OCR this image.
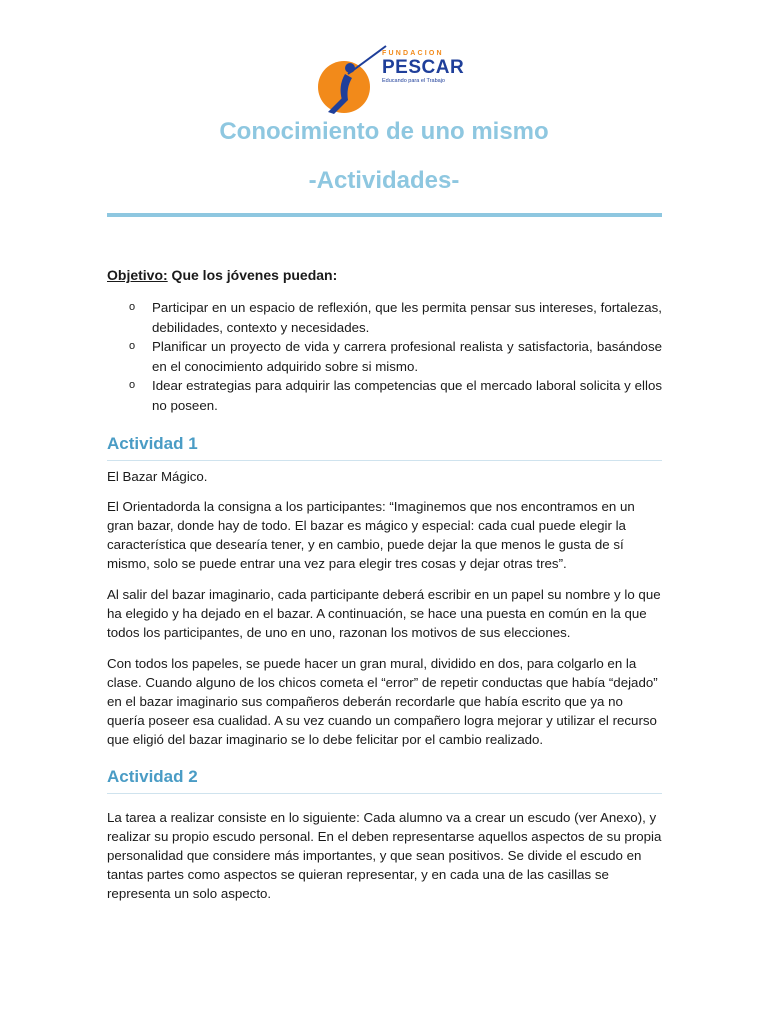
FUNDACION
PESCAR
Educando para el Trabajo
Conocimiento de uno mismo
-Actividades-
Objetivo: Que los jóvenes puedan:
o Participar en un espacio de reflexión, que les permita pensar sus intereses, fortalezas, debilidades, contexto y necesidades.
o Planificar un proyecto de vida y carrera profesional realista y satisfactoria, basándose en el conocimiento adquirido sobre si mismo.
o Idear estrategias para adquirir las competencias que el mercado laboral solicita y ellos no poseen.
Actividad 1

El Bazar Mágico.

El Orientadorda la consigna a los participantes: “Imaginemos que nos encontramos en un gran bazar, donde hay de todo. El bazar es mágico y especial: cada cual puede elegir la característica que desearía tener, y en cambio, puede dejar la que menos le gusta de sí mismo, solo se puede entrar una vez para elegir tres cosas y dejar otras tres”.

Al salir del bazar imaginario, cada participante deberá escribir en un papel su nombre y lo que ha elegido y ha dejado en el bazar. A continuación, se hace una puesta en común en la que todos los participantes, de uno en uno, razonan los motivos de sus elecciones.

Con todos los papeles, se puede hacer un gran mural, dividido en dos, para colgarlo en la clase. Cuando alguno de los chicos cometa el “error” de repetir conductas que había “dejado” en el bazar imaginario sus compañeros deberán recordarle que había escrito que ya no quería poseer esa cualidad. A su vez cuando un compañero logra mejorar y utilizar el recurso que eligió del bazar imaginario se lo debe felicitar por el cambio realizado.

Actividad 2

La tarea a realizar consiste en lo siguiente: Cada alumno va a crear un escudo (ver Anexo), y realizar su propio escudo personal. En el deben representarse aquellos aspectos de su propia personalidad que considere más importantes, y que sean positivos. Se divide el escudo en tantas partes como aspectos se quieran representar, y en cada una de las casillas se representa un solo aspecto.
